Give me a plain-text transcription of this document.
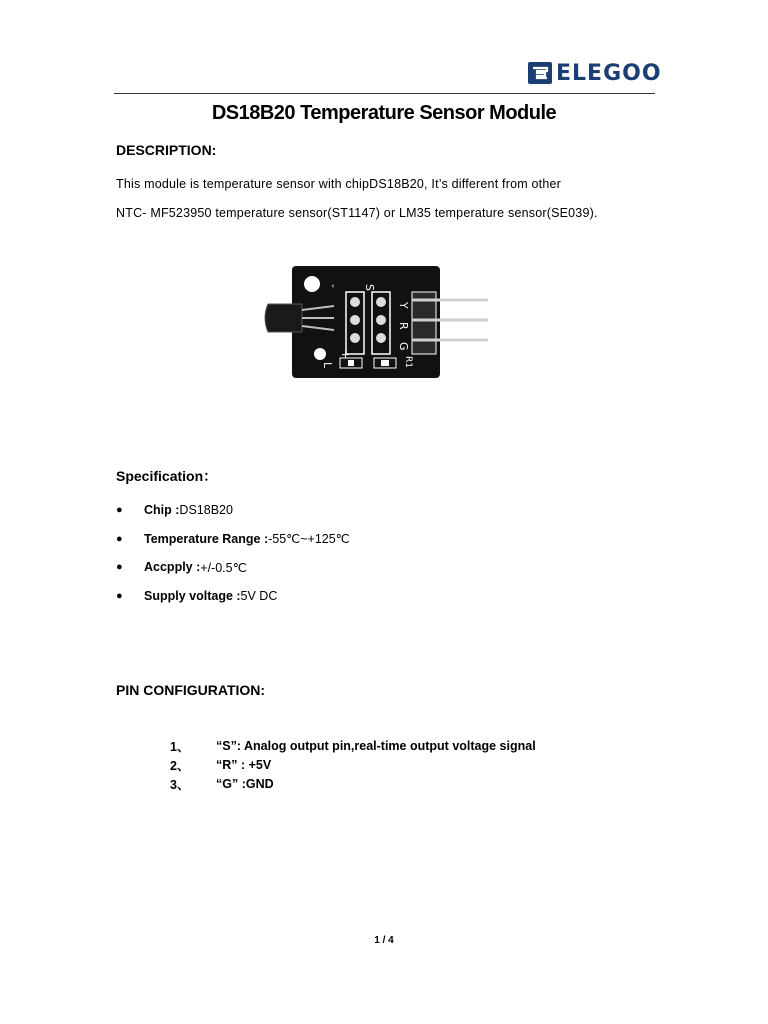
ELEGOO
DS18B20 Temperature Sensor Module
DESCRIPTION:
This module is temperature sensor with chipDS18B20, It’s different from other
NTC- MF523950 temperature sensor(ST1147) or LM35 temperature sensor(SE039).
S
Y
R
G
-
+
L	R1
Specification：
●	Chip : DS18B20
●	Temperature Range : -55℃~+125℃
●	Accpply : +/-0.5℃
●	Supply voltage : 5V DC
PIN CONFIGURATION:
1、	“S”: Analog output pin,real-time output voltage signal
2、	“R” : +5V
3、	“G” :GND
1 / 4
